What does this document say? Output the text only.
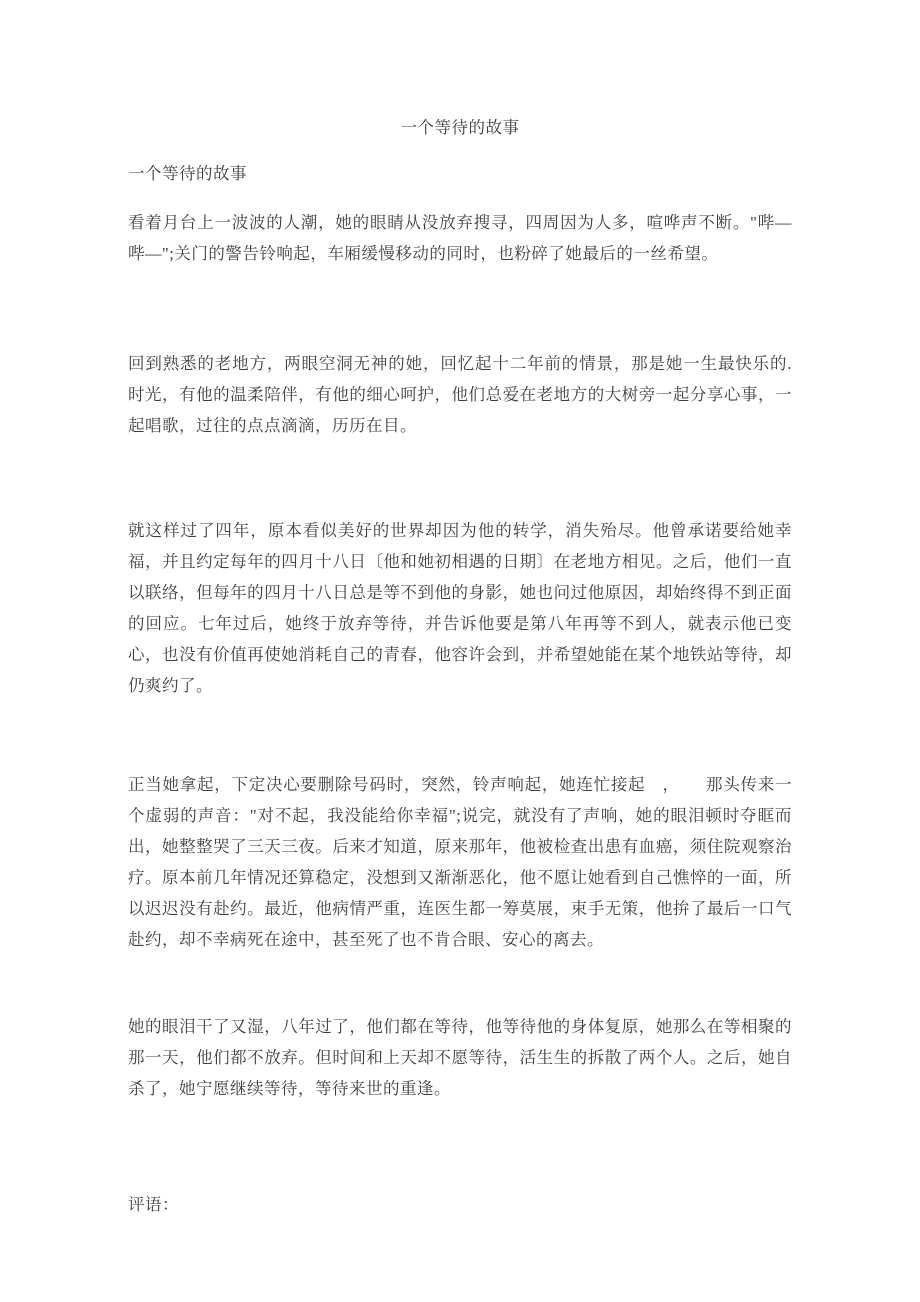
一个等待的故事

一个等待的故事

看着月台上一波波的人潮，她的眼睛从没放弃搜寻，四周因为人多，喧哗声不断。"哔—哔—";关门的警告铃响起，车厢缓慢移动的同时，也粉碎了她最后的一丝希望。

回到熟悉的老地方，两眼空洞无神的她，回忆起十二年前的情景，那是她一生最快乐的.时光，有他的温柔陪伴，有他的细心呵护，他们总爱在老地方的大树旁一起分享心事，一起唱歌，过往的点点滴滴，历历在目。

就这样过了四年，原本看似美好的世界却因为他的转学，消失殆尽。他曾承诺要给她幸福，并且约定每年的四月十八日〔他和她初相遇的日期〕在老地方相见。之后，他们一直以联络，但每年的四月十八日总是等不到他的身影，她也问过他原因，却始终得不到正面的回应。七年过后，她终于放弃等待，并告诉他要是第八年再等不到人，就表示他已变心，也没有价值再使她消耗自己的青春，他容许会到，并希望她能在某个地铁站等待，却仍爽约了。

正当她拿起，下定决心要删除号码时，突然，铃声响起，她连忙接起　，　　那头传来一个虚弱的声音："对不起，我没能给你幸福";说完，就没有了声响，她的眼泪顿时夺眶而出，她整整哭了三天三夜。后来才知道，原来那年，他被检查出患有血癌，须住院观察治疗。原本前几年情况还算稳定，没想到又渐渐恶化，他不愿让她看到自己憔悴的一面，所以迟迟没有赴约。最近，他病情严重，连医生都一筹莫展，束手无策，他拚了最后一口气赴约，却不幸病死在途中，甚至死了也不肯合眼、安心的离去。

她的眼泪干了又湿，八年过了，他们都在等待，他等待他的身体复原，她那么在等相聚的那一天，他们都不放弃。但时间和上天却不愿等待，活生生的拆散了两个人。之后，她自杀了，她宁愿继续等待，等待来世的重逢。

评语：
